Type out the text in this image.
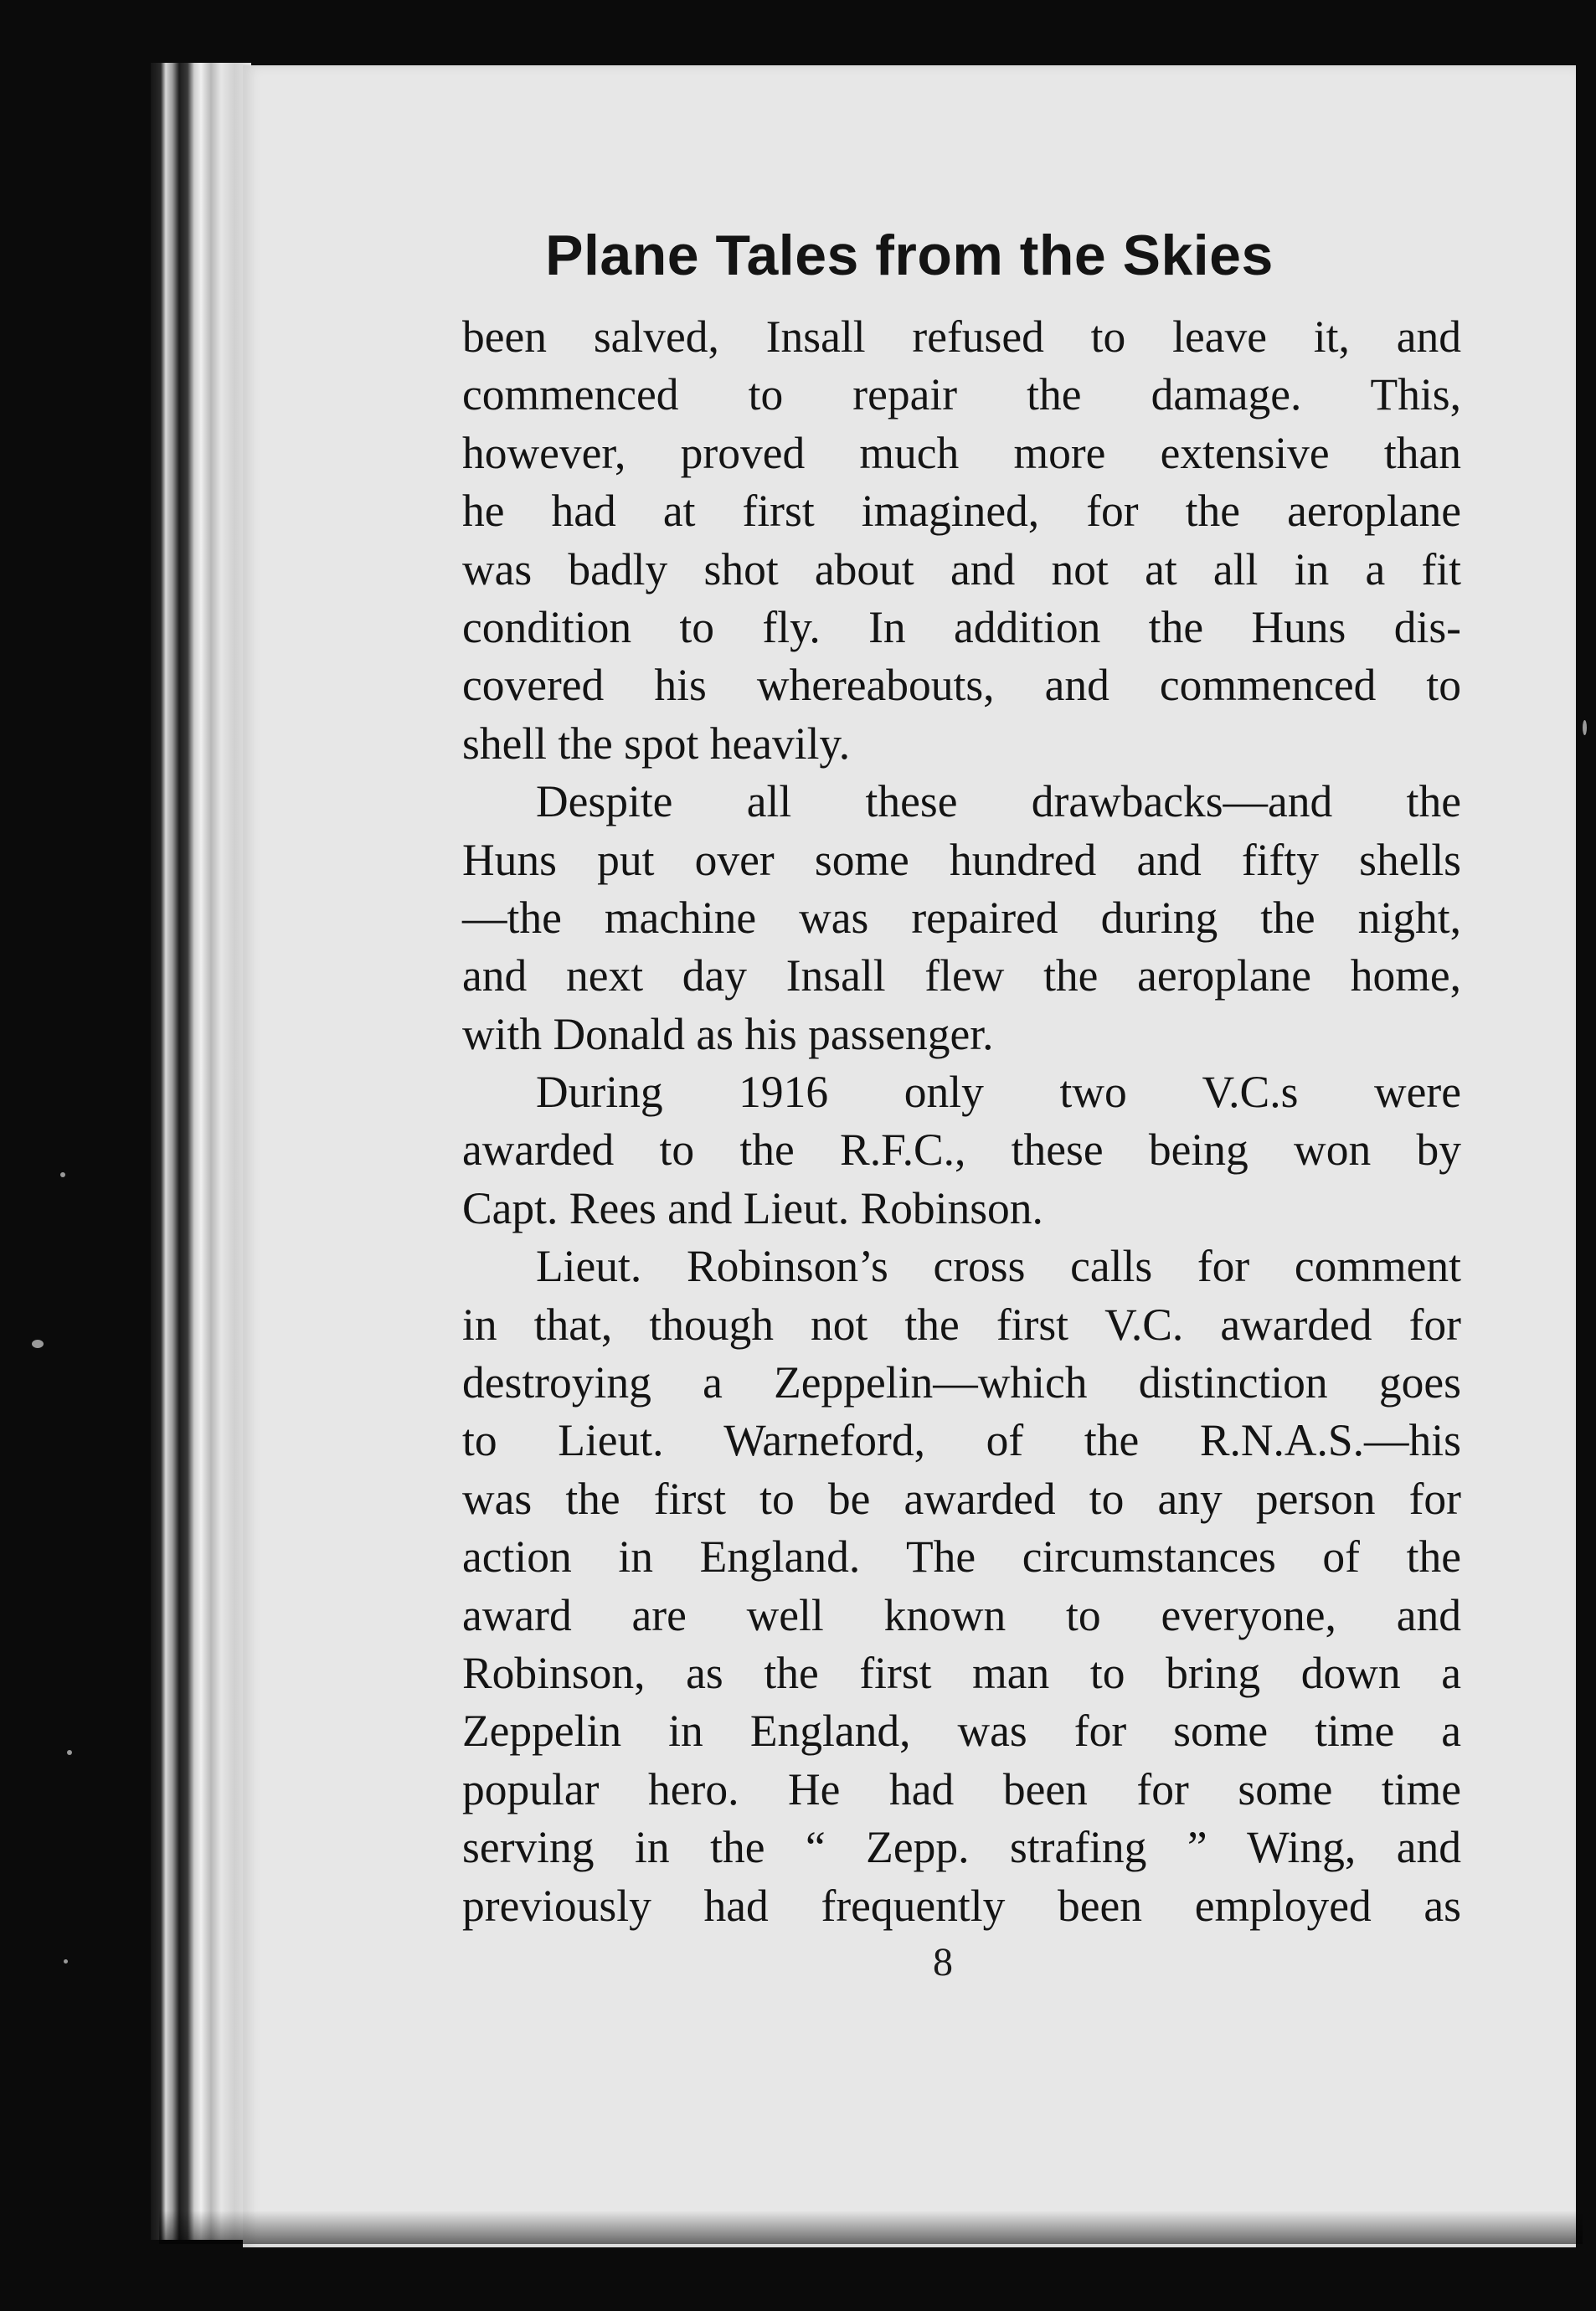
Plane Tales from the Skies
been salved, Insall refused to leave it, and
commenced to repair the damage. This,
however, proved much more extensive than
he had at first imagined, for the aeroplane
was badly shot about and not at all in a fit
condition to fly. In addition the Huns dis-
covered his whereabouts, and commenced to
shell the spot heavily.
Despite all these drawbacks—and the
Huns put over some hundred and fifty shells
—the machine was repaired during the night,
and next day Insall flew the aeroplane home,
with Donald as his passenger.
During 1916 only two V.C.s were
awarded to the R.F.C., these being won by
Capt. Rees and Lieut. Robinson.
Lieut. Robinson’s cross calls for comment
in that, though not the first V.C. awarded for
destroying a Zeppelin—which distinction goes
to Lieut. Warneford, of the R.N.A.S.—his
was the first to be awarded to any person for
action in England. The circumstances of the
award are well known to everyone, and
Robinson, as the first man to bring down a
Zeppelin in England, was for some time a
popular hero. He had been for some time
serving in the “ Zepp. strafing ” Wing, and
previously had frequently been employed as
8
